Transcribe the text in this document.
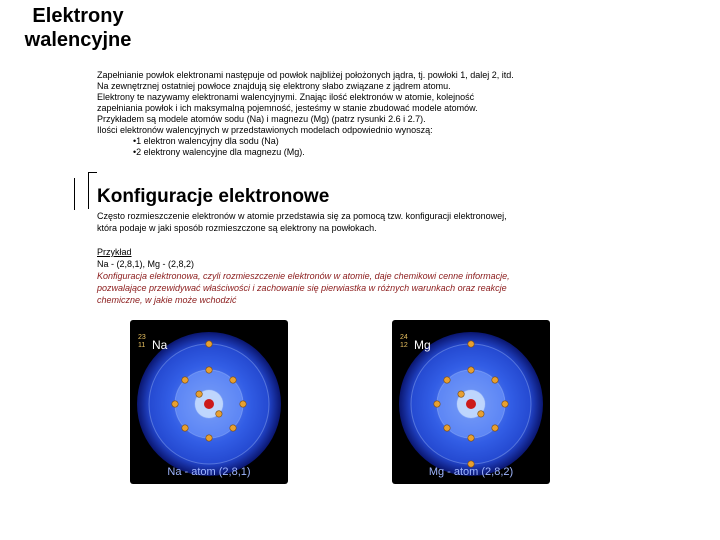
Elektrony
walencyjne

Zapełnianie powłok elektronami następuje od powłok najbliżej położonych jądra, tj. powłoki 1, dalej 2, itd.

Na zewnętrznej ostatniej powłoce znajdują się elektrony słabo związane z jądrem atomu.

Elektrony te nazywamy elektronami walencyjnymi. Znając ilość elektronów w atomie, kolejność

zapełniania powłok i ich maksymalną pojemność, jesteśmy w stanie zbudować modele atomów.

Przykładem są modele atomów sodu (Na) i magnezu (Mg) (patrz rysunki 2.6 i 2.7).

Ilości elektronów walencyjnych w przedstawionych modelach odpowiednio wynoszą:

•1 elektron walencyjny dla sodu (Na)

•2 elektrony walencyjne dla magnezu (Mg).

Konfiguracje elektronowe

Często rozmieszczenie elektronów w atomie przedstawia się za pomocą tzw. konfiguracji elektronowej,

która podaje w jaki sposób rozmieszczone są elektrony na powłokach.

Przykład

Na - (2,8,1), Mg - (2,8,2)

Konfiguracja elektronowa, czyli rozmieszczenie elektronów w atomie, daje chemikowi cenne informacje,

pozwalające przewidywać właściwości i zachowanie się pierwiastka w różnych warunkach oraz reakcje

chemiczne, w jakie może wchodzić

23
11 Na
Na - atom (2,8,1)
24
12 Mg
Mg - atom (2,8,2)
